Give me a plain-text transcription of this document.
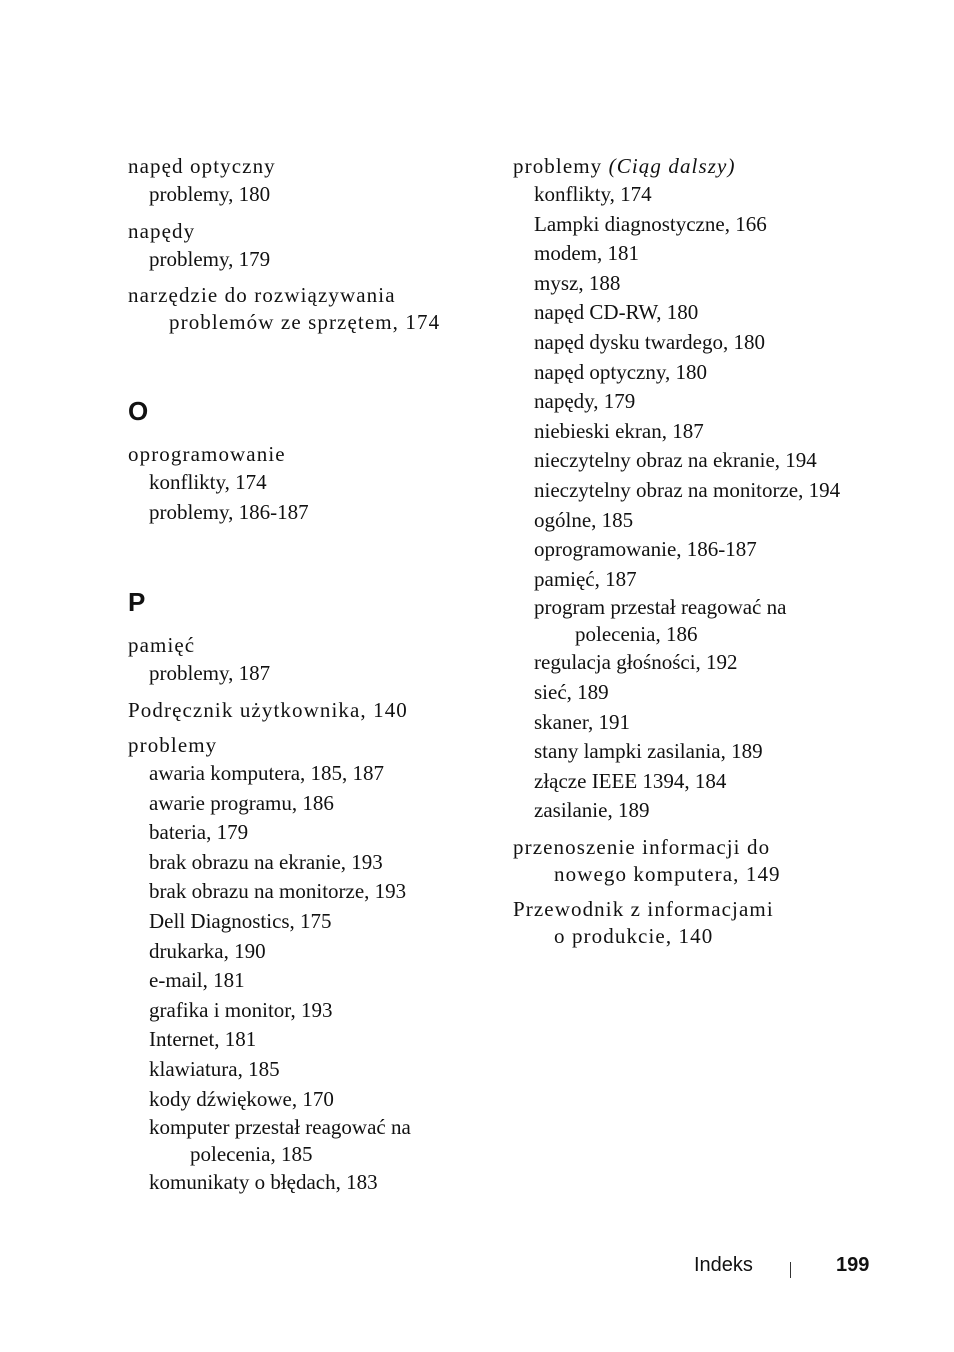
napęd optyczny
problemy, 180
napędy
problemy, 179
narzędzie do rozwiązywania
problemów ze sprzętem, 174
O
oprogramowanie
konflikty, 174
problemy, 186-187
P
pamięć
problemy, 187
Podręcznik użytkownika, 140
problemy
awaria komputera, 185, 187
awarie programu, 186
bateria, 179
brak obrazu na ekranie, 193
brak obrazu na monitorze, 193
Dell Diagnostics, 175
drukarka, 190
e-mail, 181
grafika i monitor, 193
Internet, 181
klawiatura, 185
kody dźwiękowe, 170
komputer przestał reagować na
polecenia, 185
komunikaty o błędach, 183
problemy (Ciąg dalszy)
konflikty, 174
Lampki diagnostyczne, 166
modem, 181
mysz, 188
napęd CD-RW, 180
napęd dysku twardego, 180
napęd optyczny, 180
napędy, 179
niebieski ekran, 187
nieczytelny obraz na ekranie, 194
nieczytelny obraz na monitorze, 194
ogólne, 185
oprogramowanie, 186-187
pamięć, 187
program przestał reagować na
polecenia, 186
regulacja głośności, 192
sieć, 189
skaner, 191
stany lampki zasilania, 189
złącze IEEE 1394, 184
zasilanie, 189
przenoszenie informacji do
nowego komputera, 149
Przewodnik z informacjami
o produkcie, 140
Indeks	199
